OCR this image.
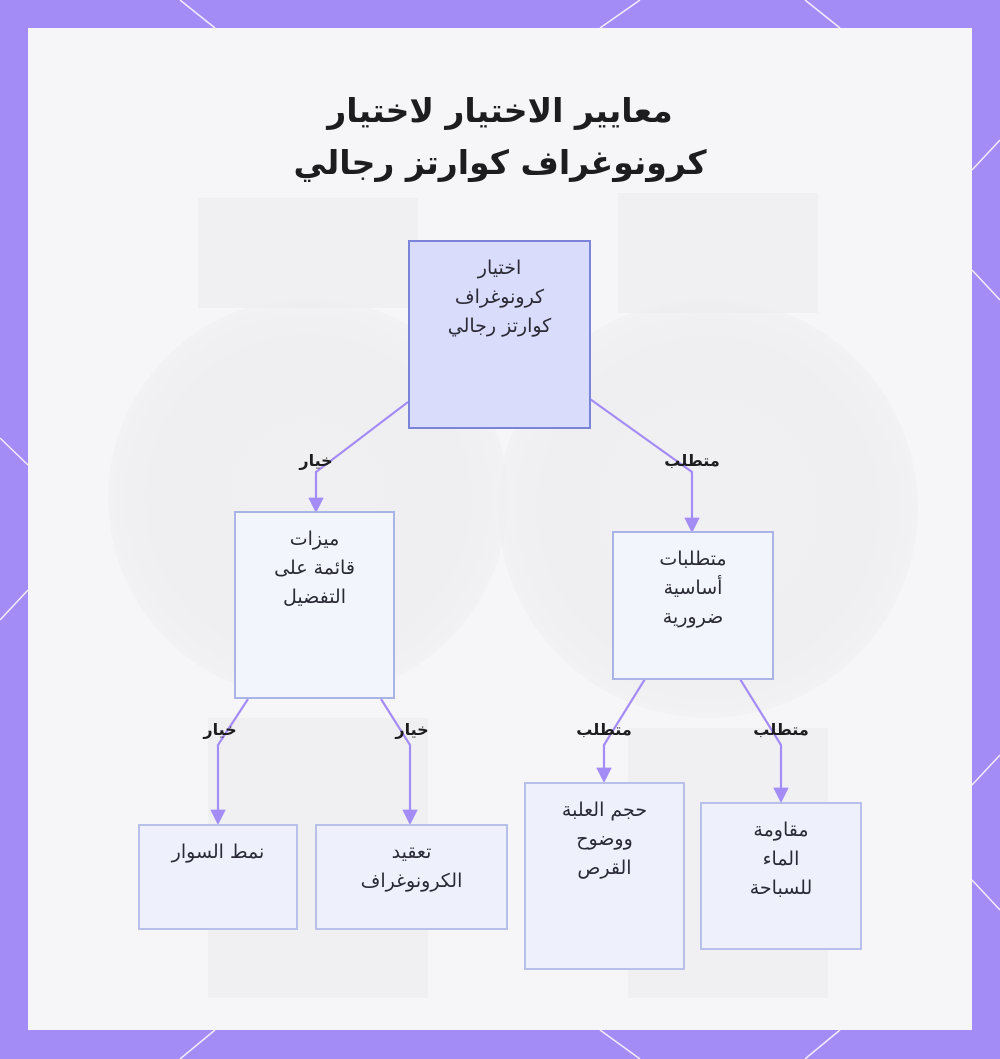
معايير الاختيار لاختيار
كرونوغراف كوارتز رجالي
خيار	متطلب
خيار	خيار	متطلب	متطلب
اختيار
كرونوغراف
كوارتز رجالي
ميزات
قائمة على
التفضيل
متطلبات
أساسية
ضرورية
نمط السوار	تعقيد
الكرونوغراف
حجم العلبة
ووضوح
القرص
مقاومة
الماء
للسباحة
